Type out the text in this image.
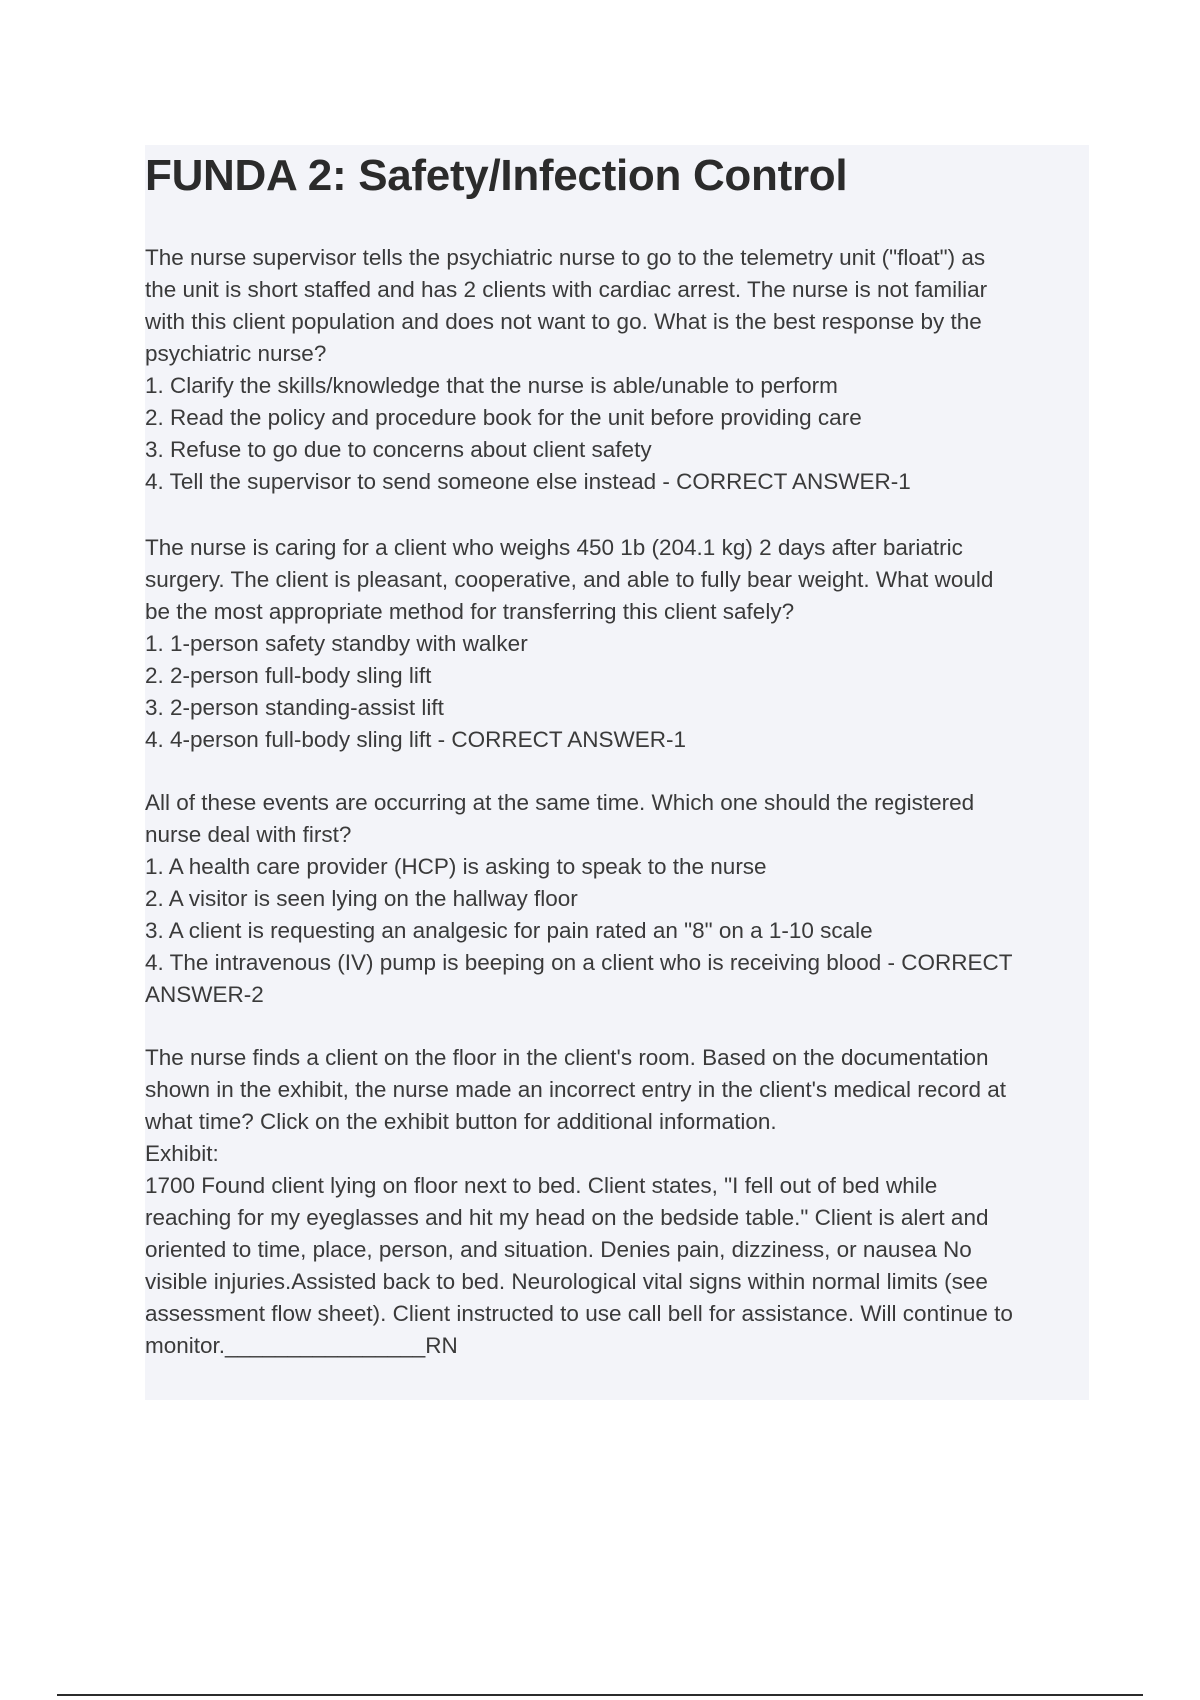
FUNDA 2: Safety/Infection Control

The nurse supervisor tells the psychiatric nurse to go to the telemetry unit ("float") as

the unit is short staffed and has 2 clients with cardiac arrest. The nurse is not familiar

with this client population and does not want to go. What is the best response by the

psychiatric nurse?

1. Clarify the skills/knowledge that the nurse is able/unable to perform

2. Read the policy and procedure book for the unit before providing care

3. Refuse to go due to concerns about client safety

4. Tell the supervisor to send someone else instead - CORRECT ANSWER-1

The nurse is caring for a client who weighs 450 1b (204.1 kg) 2 days after bariatric

surgery. The client is pleasant, cooperative, and able to fully bear weight. What would

be the most appropriate method for transferring this client safely?

1. 1-person safety standby with walker

2. 2-person full-body sling lift

3. 2-person standing-assist lift

4. 4-person full-body sling lift - CORRECT ANSWER-1

All of these events are occurring at the same time. Which one should the registered

nurse deal with first?

1. A health care provider (HCP) is asking to speak to the nurse

2. A visitor is seen lying on the hallway floor

3. A client is requesting an analgesic for pain rated an "8" on a 1-10 scale

4. The intravenous (IV) pump is beeping on a client who is receiving blood - CORRECT

ANSWER-2

The nurse finds a client on the floor in the client's room. Based on the documentation

shown in the exhibit, the nurse made an incorrect entry in the client's medical record at

what time? Click on the exhibit button for additional information.

Exhibit:

1700 Found client lying on floor next to bed. Client states, "I fell out of bed while

reaching for my eyeglasses and hit my head on the bedside table." Client is alert and

oriented to time, place, person, and situation. Denies pain, dizziness, or nausea No

visible injuries.Assisted back to bed. Neurological vital signs within normal limits (see

assessment flow sheet). Client instructed to use call bell for assistance. Will continue to

monitor.________________RN
